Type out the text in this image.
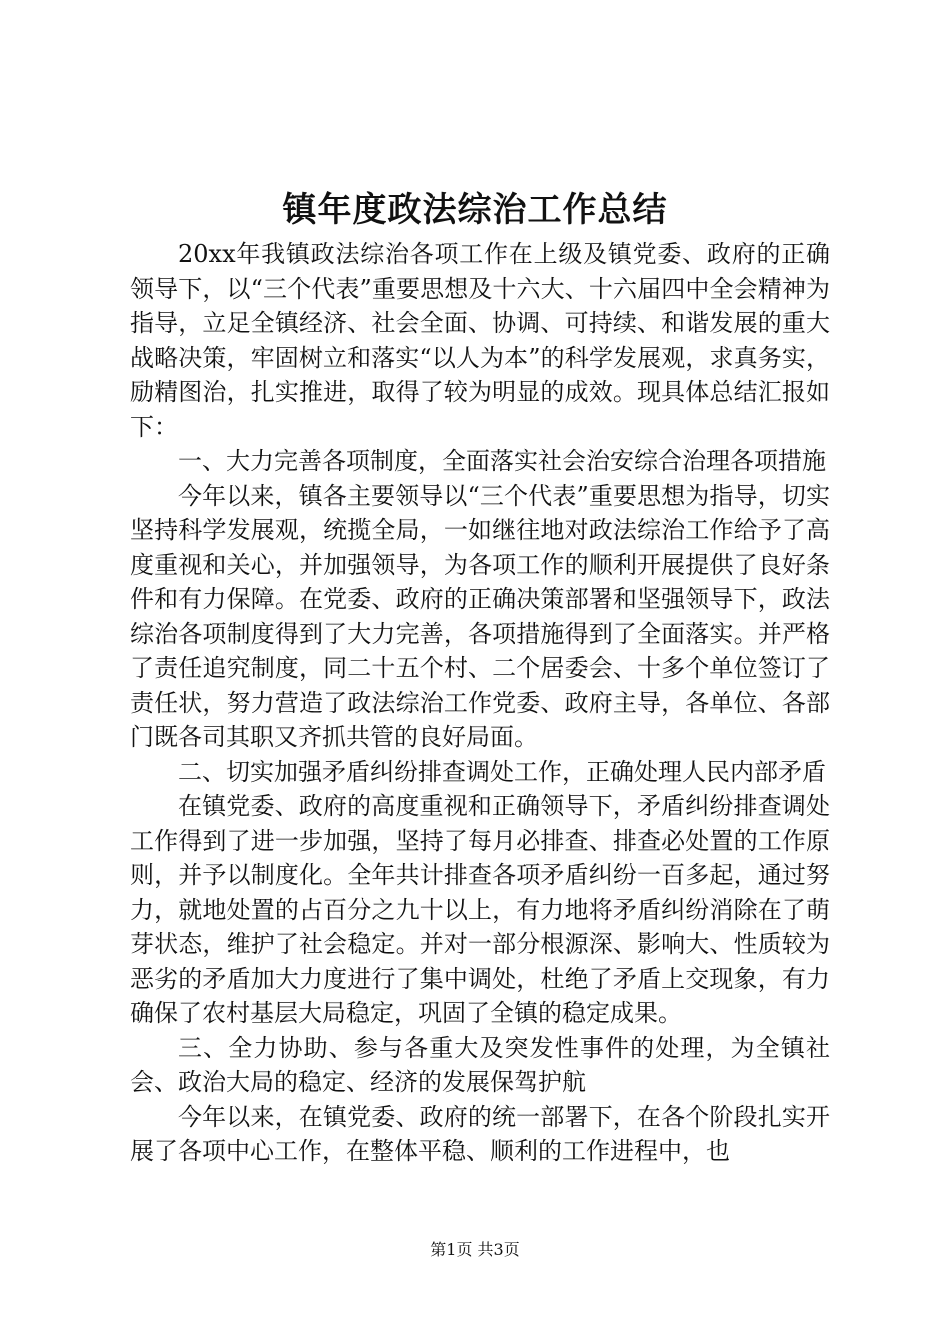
镇年度政法综治工作总结

20xx年我镇政法综治各项工作在上级及镇党委、政府的正确领导下，以“三个代表”重要思想及十六大、十六届四中全会精神为指导，立足全镇经济、社会全面、协调、可持续、和谐发展的重大战略决策，牢固树立和落实“以人为本”的科学发展观，求真务实，励精图治，扎实推进，取得了较为明显的成效。现具体总结汇报如下：

一、大力完善各项制度，全面落实社会治安综合治理各项措施

今年以来，镇各主要领导以“三个代表”重要思想为指导，切实坚持科学发展观，统揽全局，一如继往地对政法综治工作给予了高度重视和关心，并加强领导，为各项工作的顺利开展提供了良好条件和有力保障。在党委、政府的正确决策部署和坚强领导下，政法综治各项制度得到了大力完善，各项措施得到了全面落实。并严格了责任追究制度，同二十五个村、二个居委会、十多个单位签订了责任状，努力营造了政法综治工作党委、政府主导，各单位、各部门既各司其职又齐抓共管的良好局面。

二、切实加强矛盾纠纷排查调处工作，正确处理人民内部矛盾

在镇党委、政府的高度重视和正确领导下，矛盾纠纷排查调处工作得到了进一步加强，坚持了每月必排查、排查必处置的工作原则，并予以制度化。全年共计排查各项矛盾纠纷一百多起，通过努力，就地处置的占百分之九十以上，有力地将矛盾纠纷消除在了萌芽状态，维护了社会稳定。并对一部分根源深、影响大、性质较为恶劣的矛盾加大力度进行了集中调处，杜绝了矛盾上交现象，有力确保了农村基层大局稳定，巩固了全镇的稳定成果。

三、全力协助、参与各重大及突发性事件的处理，为全镇社会、政治大局的稳定、经济的发展保驾护航

今年以来，在镇党委、政府的统一部署下，在各个阶段扎实开展了各项中心工作，在整体平稳、顺利的工作进程中，也

第1页 共3页
